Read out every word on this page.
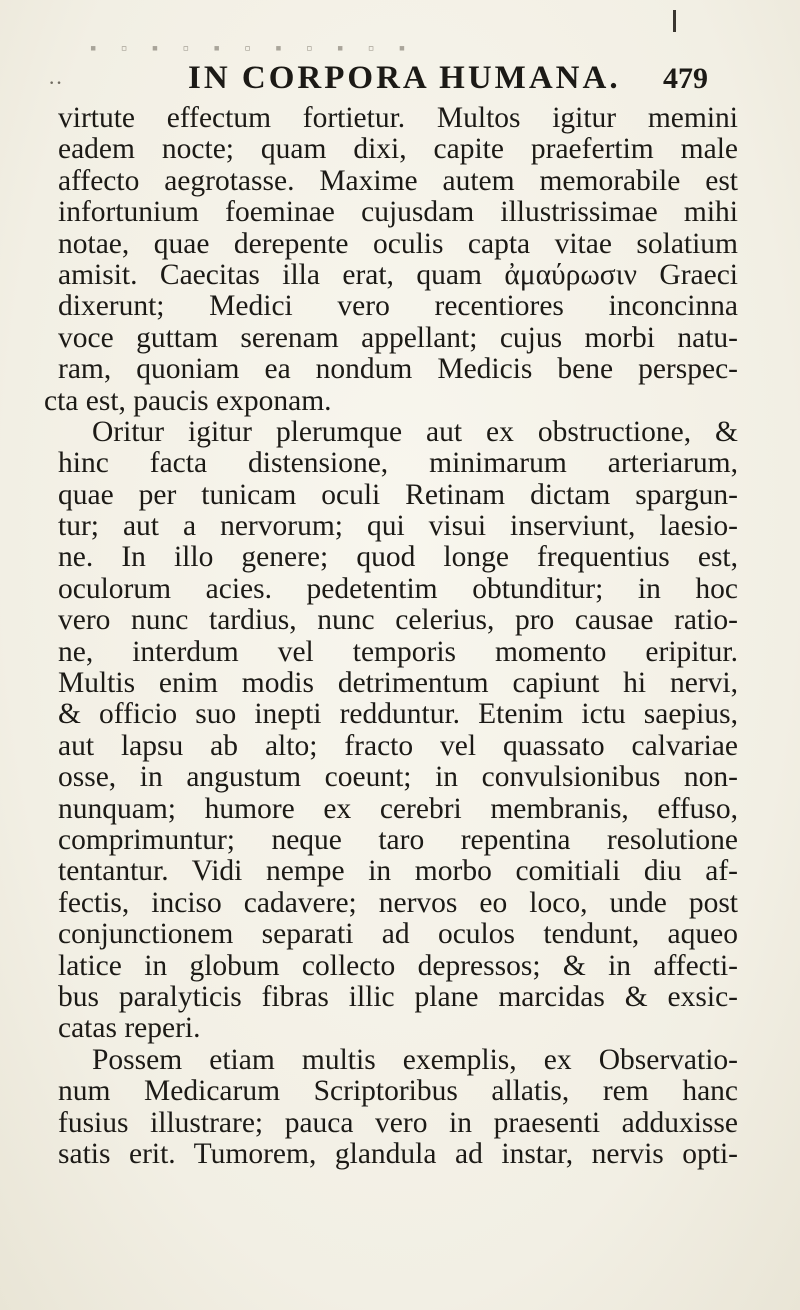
▪ ▫ ▪ ▫ ▪ ▫ ▪ ▫ ▪ ▫ ▪
··	IN CORPORA HUMANA. 479
virtute effectum fortietur. Multos igitur memini
eadem nocte; quam dixi, capite praefertim male
affecto aegrotasse. Maxime autem memorabile est
infortunium foeminae cujusdam illustrissimae mihi
notae, quae derepente oculis capta vitae solatium
amisit. Caecitas illa erat, quam ἀμαύρωσιν Graeci
dixerunt; Medici vero recentiores inconcinna
voce guttam serenam appellant; cujus morbi natu-
ram, quoniam ea nondum Medicis bene perspec-
cta est, paucis exponam.
Oritur igitur plerumque aut ex obstructione, &
hinc facta distensione, minimarum arteriarum,
quae per tunicam oculi Retinam dictam spargun-
tur; aut a nervorum; qui visui inserviunt, laesio-
ne. In illo genere; quod longe frequentius est,
oculorum acies. pedetentim obtunditur; in hoc
vero nunc tardius, nunc celerius, pro causae ratio-
ne, interdum vel temporis momento eripitur.
Multis enim modis detrimentum capiunt hi nervi,
& officio suo inepti redduntur. Etenim ictu saepius,
aut lapsu ab alto; fracto vel quassato calvariae
osse, in angustum coeunt; in convulsionibus non-
nunquam; humore ex cerebri membranis, effuso,
comprimuntur; neque taro repentina resolutione
tentantur. Vidi nempe in morbo comitiali diu af-
fectis, inciso cadavere; nervos eo loco, unde post
conjunctionem separati ad oculos tendunt, aqueo
latice in globum collecto depressos; & in affecti-
bus paralyticis fibras illic plane marcidas & exsic-
catas reperi.
Possem etiam multis exemplis, ex Observatio-
num Medicarum Scriptoribus allatis, rem hanc
fusius illustrare; pauca vero in praesenti adduxisse
satis erit. Tumorem, glandula ad instar, nervis opti-
